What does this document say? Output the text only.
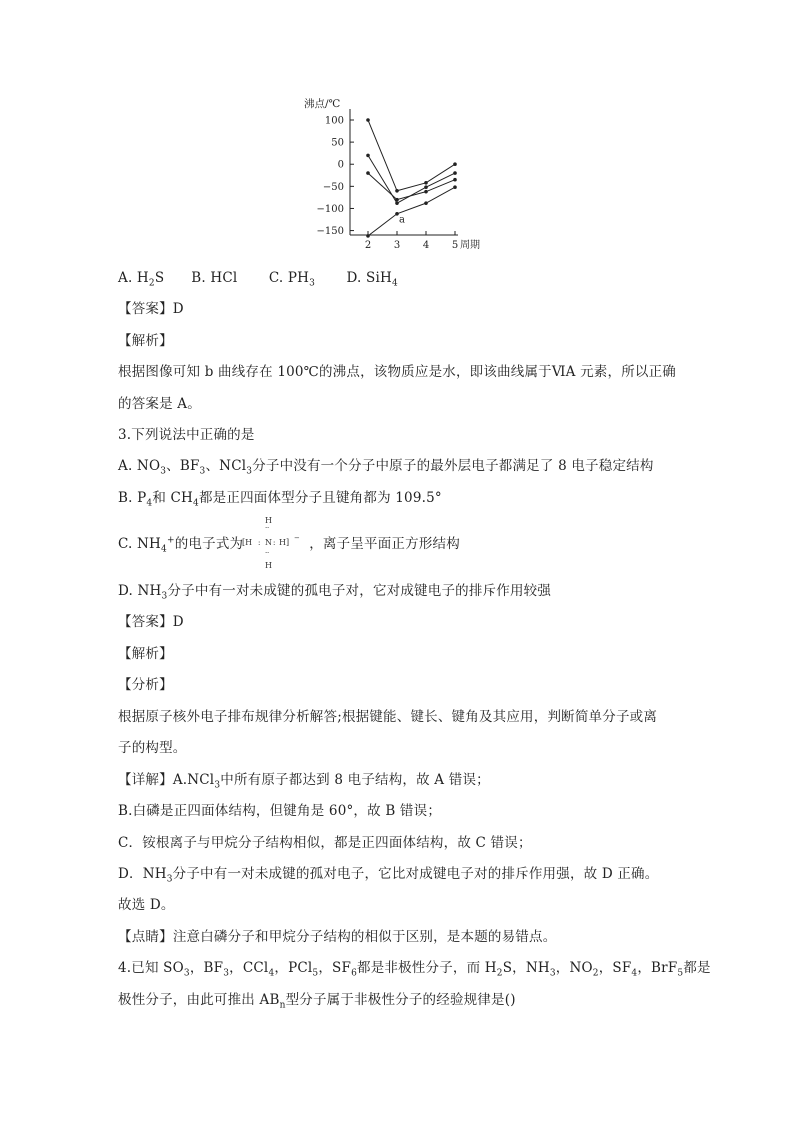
沸点/℃
100
50
0
−50
−100
−150
2 3 4 5 周期
a
A. $H_2S$ B. HCl C. $PH_3$ D. SiH$_4$
【答案】D
【解析】
根据图像可知 b 曲线存在 100℃的沸点，该物质应是水，即该曲线属于ⅥA 元素，所以正确
的答案是 A。
3.下列说法中正确的是
A. $NO_3$、$BF_3$、NCl$_3$分子中没有一个分子中原子的最外层电子都满足了 8 电子稳定结构
B. $P_4$和 $CH_4$都是正四面体型分子且键角都为 109.5°
C. $NH_4^+$的电子式为	，离子呈平面正方形结构
H
· ·
[H : N : H] −
· ·
H
D. $NH_3$分子中有一对未成键的孤电子对，它对成键电子的排斥作用较强
【答案】D
【解析】
【分析】
根据原子核外电子排布规律分析解答;根据键能、键长、键角及其应用，判断简单分子或离
子的构型。
【详解】A.NCl$_3$中所有原子都达到 8 电子结构，故 A 错误；
B.白磷是正四面体结构，但键角是 60°，故 B 错误；
C．铵根离子与甲烷分子结构相似，都是正四面体结构，故 C 错误；
D．$NH_3$分子中有一对未成键的孤对电子，它比对成键电子对的排斥作用强，故 D 正确。
故选 D。
【点睛】注意白磷分子和甲烷分子结构的相似于区别，是本题的易错点。
4.已知 $SO_3$，$BF_3$，CCl$_4$，PCl$_5$，$SF_6$都是非极性分子，而 $H_2S$，$NH_3$，$NO_2$，$SF_4$，BrF$_5$都是
极性分子，由此可推出 $AB_n$型分子属于非极性分子的经验规律是()
